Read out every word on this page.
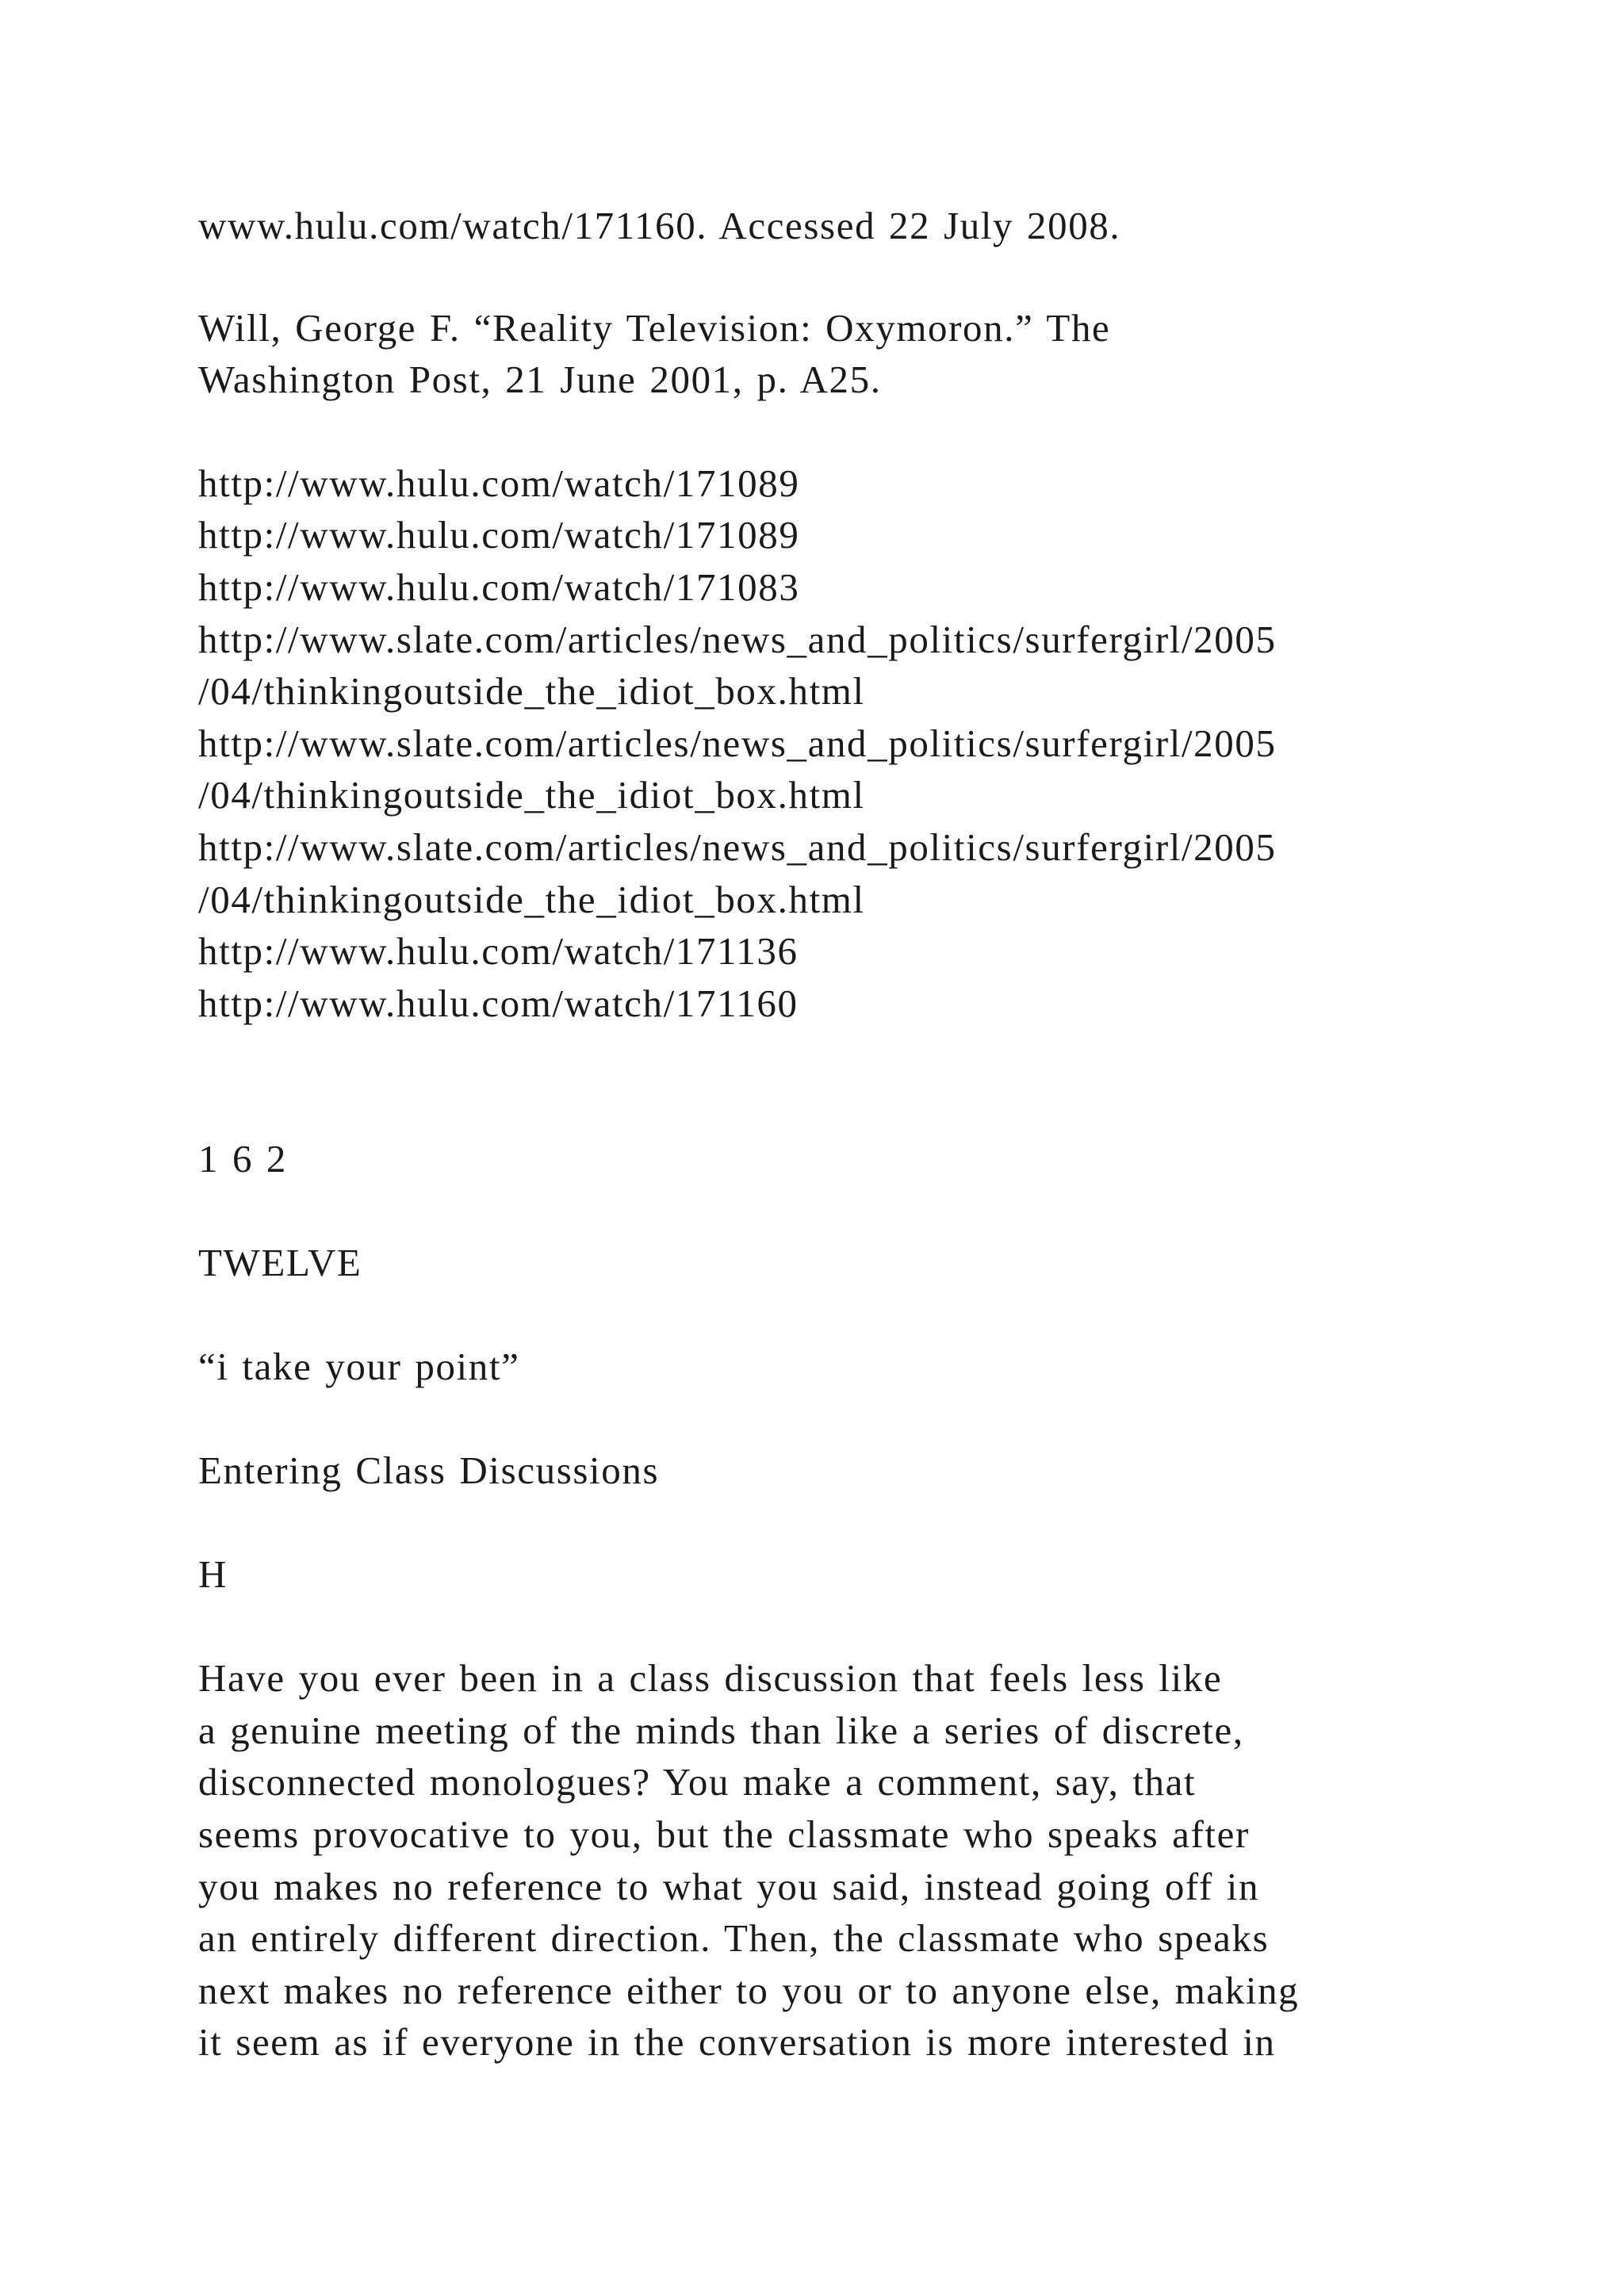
www.hulu.com/watch/171160. Accessed 22 July 2008.
Will, George F. “Reality Television: Oxymoron.” The
Washington Post, 21 June 2001, p. A25.
http://www.hulu.com/watch/171089
http://www.hulu.com/watch/171089
http://www.hulu.com/watch/171083
http://www.slate.com/articles/news_and_politics/surfergirl/2005
/04/thinkingoutside_the_idiot_box.html
http://www.slate.com/articles/news_and_politics/surfergirl/2005
/04/thinkingoutside_the_idiot_box.html
http://www.slate.com/articles/news_and_politics/surfergirl/2005
/04/thinkingoutside_the_idiot_box.html
http://www.hulu.com/watch/171136
http://www.hulu.com/watch/171160
1 6 2
TWELVE
“i take your point”
Entering Class Discussions
H
Have you ever been in a class discussion that feels less like
a genuine meeting of the minds than like a series of discrete,
disconnected monologues? You make a comment, say, that
seems provocative to you, but the classmate who speaks after
you makes no reference to what you said, instead going off in
an entirely different direction. Then, the classmate who speaks
next makes no reference either to you or to anyone else, making
it seem as if everyone in the conversation is more interested in
